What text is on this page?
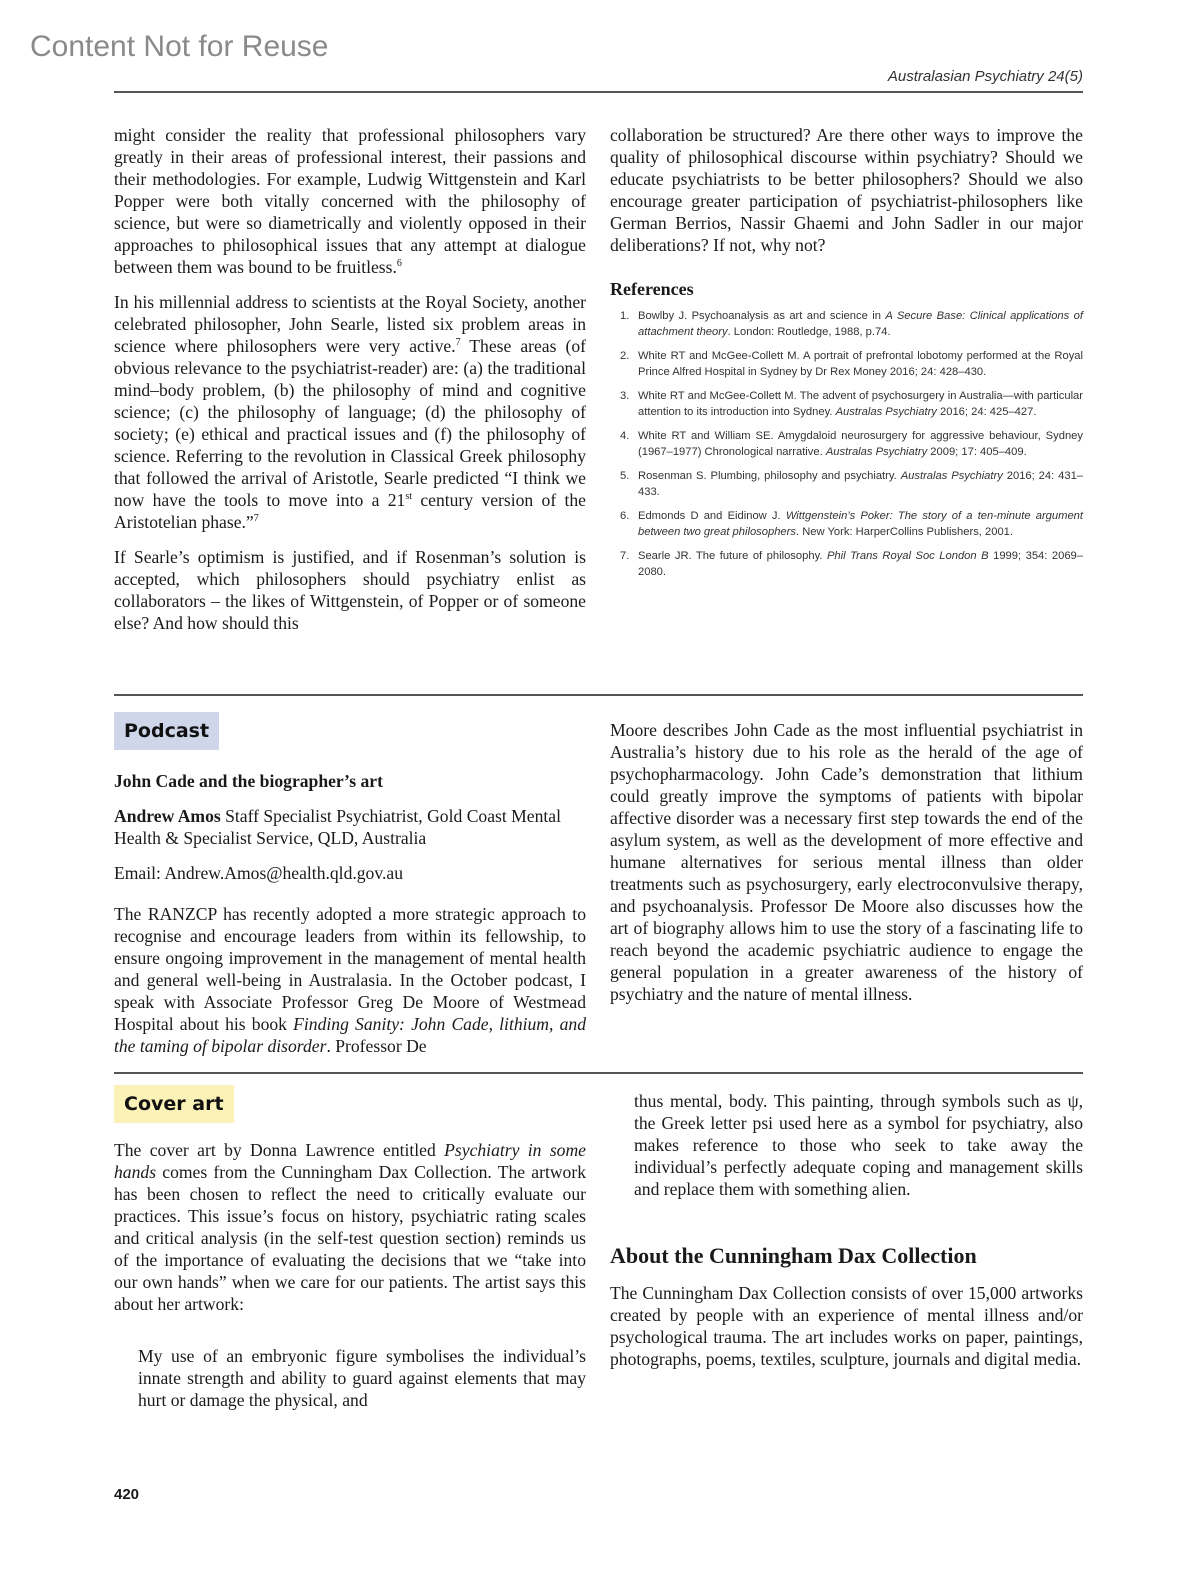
Content Not for Reuse
Australasian Psychiatry 24(5)

might consider the reality that professional philosophers vary greatly in their areas of professional interest, their passions and their methodologies. For example, Ludwig Wittgenstein and Karl Popper were both vitally concerned with the philosophy of science, but were so diametrically and violently opposed in their approaches to philosophical issues that any attempt at dialogue between them was bound to be fruitless.$^6$

In his millennial address to scientists at the Royal Society, another celebrated philosopher, John Searle, listed six problem areas in science where philosophers were very active.$^7$ These areas (of obvious relevance to the psychiatrist-reader) are: (a) the traditional mind–body problem, (b) the philosophy of mind and cognitive science; (c) the philosophy of language; (d) the philosophy of society; (e) ethical and practical issues and (f) the philosophy of science. Referring to the revolution in Classical Greek philosophy that followed the arrival of Aristotle, Searle predicted “I think we now have the tools to move into a 21st century version of the Aristotelian phase.”$^7$

If Searle’s optimism is justified, and if Rosenman’s solution is accepted, which philosophers should psychiatry enlist as collaborators – the likes of Wittgenstein, of Popper or of someone else? And how should this

collaboration be structured? Are there other ways to improve the quality of philosophical discourse within psychiatry? Should we educate psychiatrists to be better philosophers? Should we also encourage greater participation of psychiatrist-philosophers like German Berrios, Nassir Ghaemi and John Sadler in our major deliberations? If not, why not?

References
1. Bowlby J. Psychoanalysis as art and science in A Secure Base: Clinical applications of attachment theory. London: Routledge, 1988, p.74.
2. White RT and McGee-Collett M. A portrait of prefrontal lobotomy performed at the Royal Prince Alfred Hospital in Sydney by Dr Rex Money 2016; 24: 428–430.
3. White RT and McGee-Collett M. The advent of psychosurgery in Australia—with particular attention to its introduction into Sydney. Australas Psychiatry 2016; 24: 425–427.
4. White RT and William SE. Amygdaloid neurosurgery for aggressive behaviour, Sydney (1967–1977) Chronological narrative. Australas Psychiatry 2009; 17: 405–409.
5. Rosenman S. Plumbing, philosophy and psychiatry. Australas Psychiatry 2016; 24: 431–433.
6. Edmonds D and Eidinow J. Wittgenstein’s Poker: The story of a ten-minute argument between two great philosophers. New York: HarperCollins Publishers, 2001.
7. Searle JR. The future of philosophy. Phil Trans Royal Soc London B 1999; 354: 2069–2080.
Podcast

John Cade and the biographer’s art

Andrew Amos Staff Specialist Psychiatrist, Gold Coast Mental Health & Specialist Service, QLD, Australia

Email: Andrew.Amos@health.qld.gov.au

The RANZCP has recently adopted a more strategic approach to recognise and encourage leaders from within its fellowship, to ensure ongoing improvement in the management of mental health and general well-being in Australasia. In the October podcast, I speak with Associate Professor Greg De Moore of Westmead Hospital about his book Finding Sanity: John Cade, lithium, and the taming of bipolar disorder. Professor De

Moore describes John Cade as the most influential psychiatrist in Australia’s history due to his role as the herald of the age of psychopharmacology. John Cade’s demonstration that lithium could greatly improve the symptoms of patients with bipolar affective disorder was a necessary first step towards the end of the asylum system, as well as the development of more effective and humane alternatives for serious mental illness than older treatments such as psychosurgery, early electroconvulsive therapy, and psychoanalysis. Professor De Moore also discusses how the art of biography allows him to use the story of a fascinating life to reach beyond the academic psychiatric audience to engage the general population in a greater awareness of the history of psychiatry and the nature of mental illness.

Cover art

The cover art by Donna Lawrence entitled Psychiatry in some hands comes from the Cunningham Dax Collection. The artwork has been chosen to reflect the need to critically evaluate our practices. This issue’s focus on history, psychiatric rating scales and critical analysis (in the self-test question section) reminds us of the importance of evaluating the decisions that we “take into our own hands” when we care for our patients. The artist says this about her artwork:

My use of an embryonic figure symbolises the individual’s innate strength and ability to guard against elements that may hurt or damage the physical, and

thus mental, body. This painting, through symbols such as ψ, the Greek letter psi used here as a symbol for psychiatry, also makes reference to those who seek to take away the individual’s perfectly adequate coping and management skills and replace them with something alien.

About the Cunningham Dax Collection

The Cunningham Dax Collection consists of over 15,000 artworks created by people with an experience of mental illness and/or psychological trauma. The art includes works on paper, paintings, photographs, poems, textiles, sculpture, journals and digital media.

420
